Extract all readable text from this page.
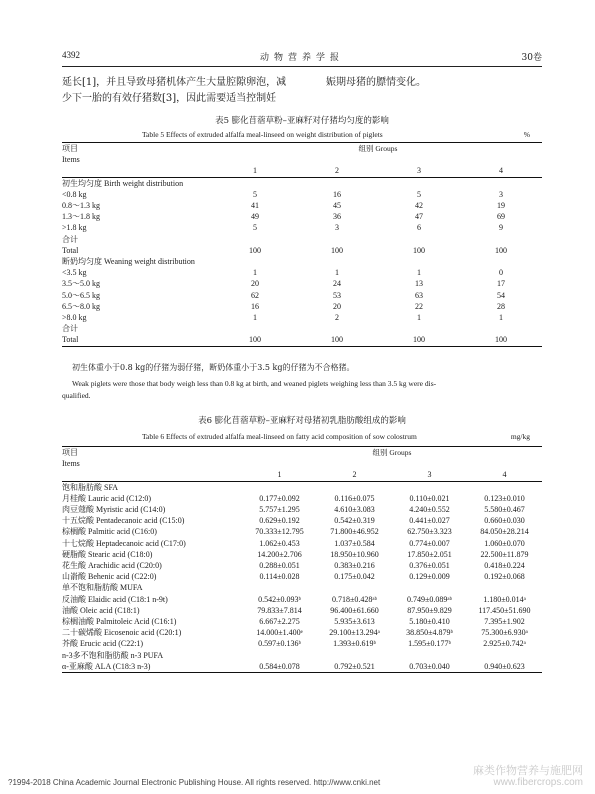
4392	动物营养学报	30卷
延长[1]，并且导致母猪机体产生大量腔隙卵泡，减	娠期母猪的膘情变化。
少下一胎的有效仔猪数[3]，因此需要适当控制妊
表5 膨化苜蓿草粉–亚麻籽对仔猪均匀度的影响
Table 5 Effects of extruded alfalfa meal-linseed on weight distribution of piglets	%
项目	组别 Groups			
Items				
	1	2	3	4
初生均匀度 Birth weight distribution				
<0.8 kg	5	16	5	3
0.8～1.3 kg	41	45	42	19
1.3～1.8 kg	49	36	47	69
>1.8 kg	5	3	6	9
合计				
Total	100	100	100	100
断奶均匀度 Weaning weight distribution				
<3.5 kg	1	1	1	0
3.5～5.0 kg	20	24	13	17
5.0～6.5 kg	62	53	63	54
6.5～8.0 kg	16	20	22	28
>8.0 kg	1	2	1	1
合计				
Total	100	100	100	100
初生体重小于0.8 kg的仔猪为弱仔猪，断奶体重小于3.5 kg的仔猪为不合格猪。
Weak piglets were those that body weigh less than 0.8 kg at birth, and weaned piglets weighing less than 3.5 kg were dis-
qualified.
表6 膨化苜蓿草粉–亚麻籽对母猪初乳脂肪酸组成的影响
Table 6 Effects of extruded alfalfa meal-linseed on fatty acid composition of sow colostrum	mg/kg
项目	组别 Groups			
Items				
	1	2	3	4
饱和脂肪酸 SFA				
月桂酸 Lauric acid (C12:0)	0.177±0.092	0.116±0.075	0.110±0.021	0.123±0.010
肉豆蔻酸 Myristic acid (C14:0)	5.757±1.295	4.610±3.083	4.240±0.552	5.580±0.467
十五烷酸 Pentadecanoic acid (C15:0)	0.629±0.192	0.542±0.319	0.441±0.027	0.660±0.030
棕榈酸 Palmitic acid (C16:0)	70.333±12.795	71.800±46.952	62.750±3.323	84.050±28.214
十七烷酸 Heptadecanoic acid (C17:0)	1.062±0.453	1.037±0.584	0.774±0.007	1.060±0.070
硬脂酸 Stearic acid (C18:0)	14.200±2.706	18.950±10.960	17.850±2.051	22.500±11.879
花生酸 Arachidic acid (C20:0)	0.288±0.051	0.383±0.216	0.376±0.051	0.418±0.224
山嵛酸 Behenic acid (C22:0)	0.114±0.028	0.175±0.042	0.129±0.009	0.192±0.068
单不饱和脂肪酸 MUFA				
反油酸 Elaidic acid (C18:1 n-9t)	0.542±0.093ᵇ	0.718±0.428ᵃᵇ	0.749±0.089ᵃᵇ	1.180±0.014ᵃ
油酸 Oleic acid (C18:1)	79.833±7.814	96.400±61.660	87.950±9.829	117.450±51.690
棕榈油酸 Palmitoleic Acid (C16:1)	6.667±2.275	5.935±3.613	5.180±0.410	7.395±1.902
二十碳烯酸 Eicosenoic acid (C20:1)	14.000±1.400ᵉ	29.100±13.294ᵃ	38.850±4.879ᵇ	75.300±6.930ᵃ
芥酸 Erucic acid (C22:1)	0.597±0.136ᵇ	1.393±0.619ᵇ	1.595±0.177ᵇ	2.925±0.742ᵃ
n-3多不饱和脂肪酸 n-3 PUFA				
α-亚麻酸 ALA (C18:3 n-3)	0.584±0.078	0.792±0.521	0.703±0.040	0.940±0.623
麻类作物营养与施肥网
?1994-2018 China Academic Journal Electronic Publishing House. All rights reserved. http://www.cnki.net	www.fibercrops.com
